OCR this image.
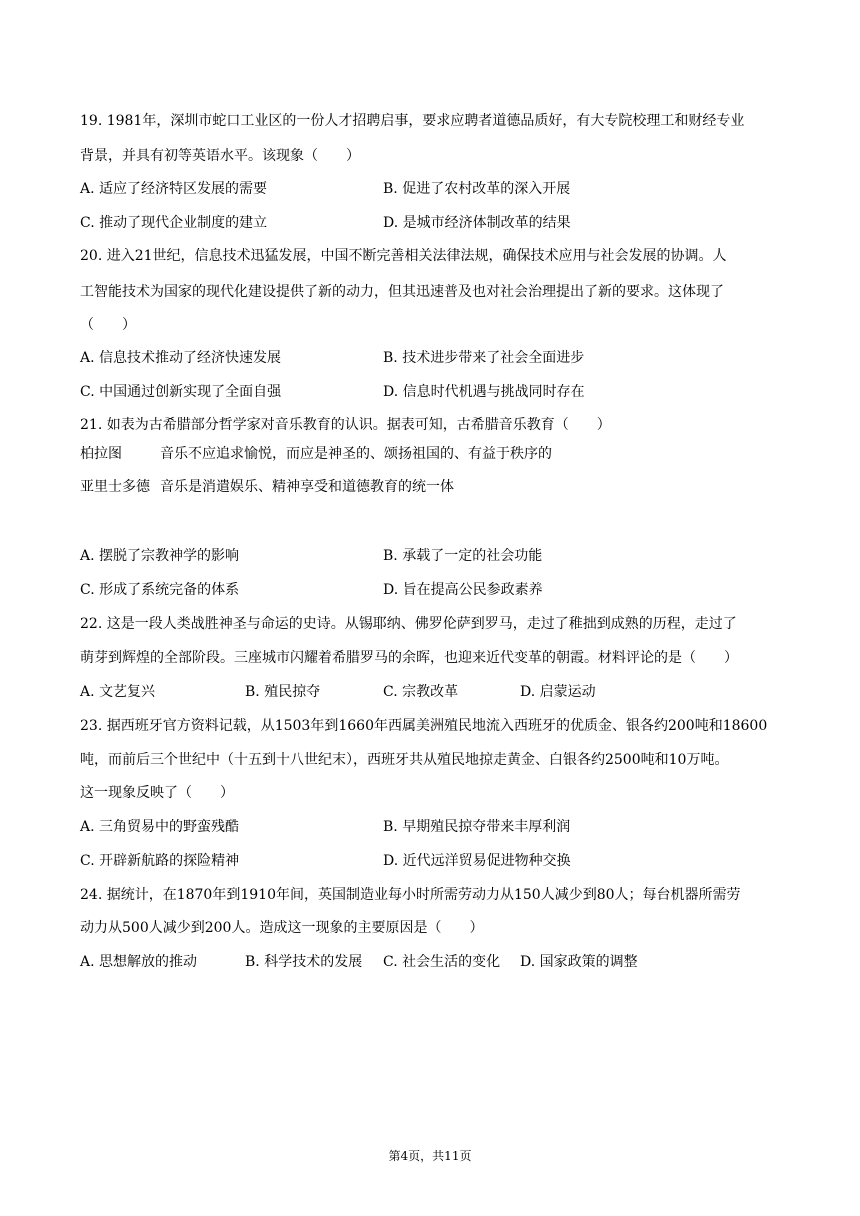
19. 1981年，深圳市蛇口工业区的一份人才招聘启事，要求应聘者道德品质好，有大专院校理工和财经专业
背景，并具有初等英语水平。该现象（　　）
A. 适应了经济特区发展的需要	B. 促进了农村改革的深入开展
C. 推动了现代企业制度的建立	D. 是城市经济体制改革的结果
20. 进入21世纪，信息技术迅猛发展，中国不断完善相关法律法规，确保技术应用与社会发展的协调。人
工智能技术为国家的现代化建设提供了新的动力，但其迅速普及也对社会治理提出了新的要求。这体现了
（　　）
A. 信息技术推动了经济快速发展	B. 技术进步带来了社会全面进步
C. 中国通过创新实现了全面自强	D. 信息时代机遇与挑战同时存在
21. 如表为古希腊部分哲学家对音乐教育的认识。据表可知，古希腊音乐教育（　　）
柏拉图	音乐不应追求愉悦，而应是神圣的、颂扬祖国的、有益于秩序的
亚里士多德 音乐是消遣娱乐、精神享受和道德教育的统一体
A. 摆脱了宗教神学的影响	B. 承载了一定的社会功能
C. 形成了系统完备的体系	D. 旨在提高公民参政素养
22. 这是一段人类战胜神圣与命运的史诗。从锡耶纳、佛罗伦萨到罗马，走过了稚拙到成熟的历程，走过了
萌芽到辉煌的全部阶段。三座城市闪耀着希腊罗马的余晖，也迎来近代变革的朝霞。材料评论的是（　　）
A. 文艺复兴	B. 殖民掠夺	C. 宗教改革	D. 启蒙运动
23. 据西班牙官方资料记载，从1503年到1660年西属美洲殖民地流入西班牙的优质金、银各约200吨和18600
吨，而前后三个世纪中（十五到十八世纪末），西班牙共从殖民地掠走黄金、白银各约2500吨和10万吨。
这一现象反映了（　　）
A. 三角贸易中的野蛮残酷	B. 早期殖民掠夺带来丰厚利润
C. 开辟新航路的探险精神	D. 近代远洋贸易促进物种交换
24. 据统计，在1870年到1910年间，英国制造业每小时所需劳动力从150人减少到80人；每台机器所需劳
动力从500人减少到200人。造成这一现象的主要原因是（　　）
A. 思想解放的推动	B. 科学技术的发展 C. 社会生活的变化 D. 国家政策的调整
第4页，共11页
